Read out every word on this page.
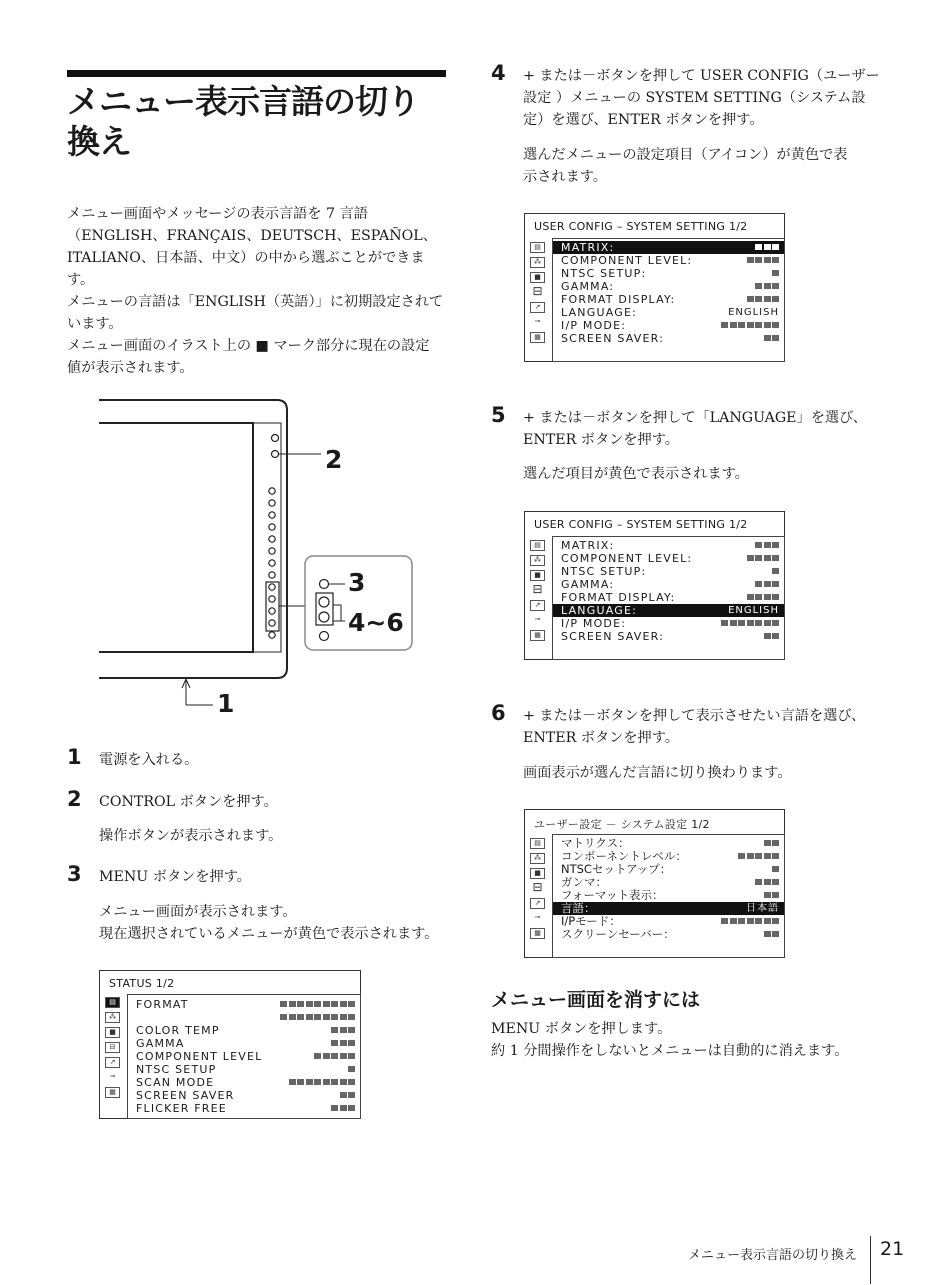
メニュー表示言語の切り
換え

メニュー画面やメッセージの表示言語を 7 言語

（ENGLISH、FRANÇAIS、DEUTSCH、ESPAÑOL、

ITALIANO、日本語、中文）の中から選ぶことができま

す。

メニューの言語は「ENGLISH（英語）」に初期設定されて

います。

メニュー画面のイラスト上の ■ マーク部分に現在の設定

値が表示されます。

2
3
4~6
1
1 電源を入れる。
2 CONTROL ボタンを押す。
操作ボタンが表示されます。
3 MENU ボタンを押す。
メニュー画面が表示されます。
現在選択されているメニューが黄色で表示されます。
STATUS 1/2
▤
⁂
■
⊟
↗
⊸
▦
FORMAT
COLOR TEMP
GAMMA
COMPONENT LEVEL
NTSC SETUP
SCAN MODE
SCREEN SAVER
FLICKER FREE
4 + または－ボタンを押して USER CONFIG（ユーザー
設定 ）メニューの SYSTEM SETTING（システム設
定）を選び、ENTER ボタンを押す。
選んだメニューの設定項目（アイコン）が黄色で表
示されます。
USER CONFIG – SYSTEM SETTING 1/2
▤
⁂
■
⊟
↗
⊸
▦
MATRIX:
COMPONENT LEVEL:
NTSC SETUP:
GAMMA:
FORMAT DISPLAY:
LANGUAGE:	ENGLISH
I/P MODE:
SCREEN SAVER:
5 + または－ボタンを押して「LANGUAGE」を選び、
ENTER ボタンを押す。
選んだ項目が黄色で表示されます。
USER CONFIG – SYSTEM SETTING 1/2
▤
⁂
■
⊟
↗
⊸
▦
MATRIX:
COMPONENT LEVEL:
NTSC SETUP:
GAMMA:
FORMAT DISPLAY:
LANGUAGE:	ENGLISH
I/P MODE:
SCREEN SAVER:
6 + または－ボタンを押して表示させたい言語を選び、
ENTER ボタンを押す。
画面表示が選んだ言語に切り換わります。
ユーザー設定 － システム設定 1/2
▤
⁂
■
⊟
↗
⊸
▦
マトリクス：
コンポーネントレベル：
NTSCセットアップ：
ガンマ：
フォーマット表示：
言語：	日本語
I/Pモード：
スクリーンセーバー：
メニュー画面を消すには
MENU ボタンを押します。
約 1 分間操作をしないとメニューは自動的に消えます。
メニュー表示言語の切り換え 21
